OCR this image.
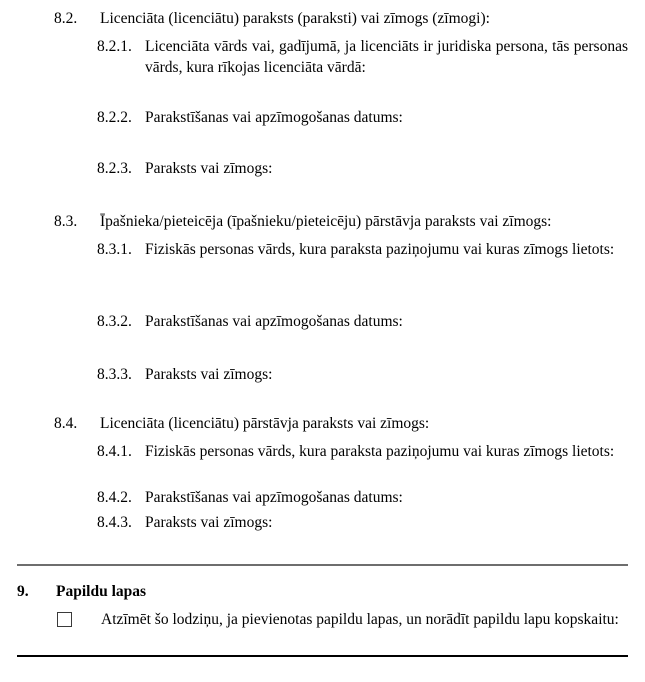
8.2. Licenciāta (licenciātu) paraksts (paraksti) vai zīmogs (zīmogi):
8.2.1. Licenciāta vārds vai, gadījumā, ja licenciāts ir juridiska persona, tās personas vārds, kura rīkojas licenciāta vārdā:
8.2.2. Parakstīšanas vai apzīmogošanas datums:
8.2.3. Paraksts vai zīmogs:
8.3. Īpašnieka/pieteicēja (īpašnieku/pieteicēju) pārstāvja paraksts vai zīmogs:
8.3.1. Fiziskās personas vārds, kura paraksta paziņojumu vai kuras zīmogs lietots:
8.3.2. Parakstīšanas vai apzīmogošanas datums:
8.3.3. Paraksts vai zīmogs:
8.4. Licenciāta (licenciātu) pārstāvja paraksts vai zīmogs:
8.4.1. Fiziskās personas vārds, kura paraksta paziņojumu vai kuras zīmogs lietots:
8.4.2. Parakstīšanas vai apzīmogošanas datums:
8.4.3. Paraksts vai zīmogs:
9. Papildu lapas
Atzīmēt šo lodziņu, ja pievienotas papildu lapas, un norādīt papildu lapu kopskaitu:
